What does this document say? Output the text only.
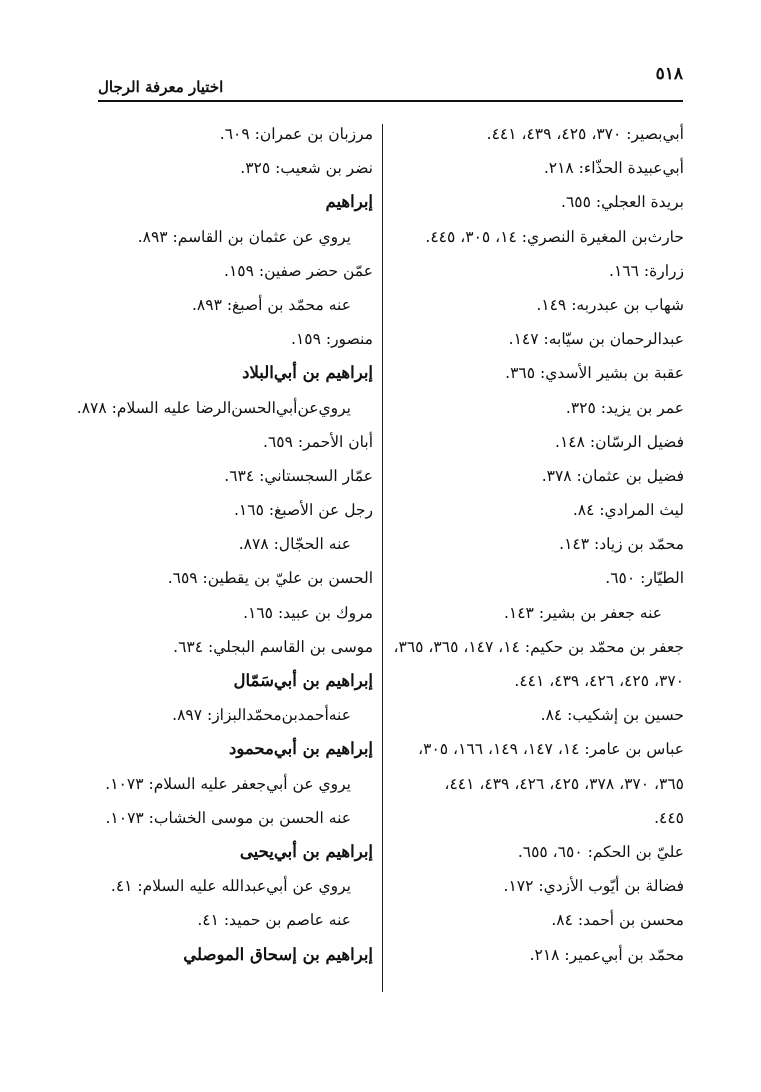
٥١٨
اختيار معرفة الرجال
أبي‌بصير: ٣٧٠، ٤٢٥، ٤٣٩، ٤٤١.
أبي‌عبيدة الحذّاء: ٢١٨.
بريدة العجلي: ٦٥٥.
حارث‌بن المغيرة النصري: ١٤، ٣٠٥، ٤٤٥.
زرارة: ١٦٦.
شهاب بن عبدربه: ١٤٩.
عبدالرحمان بن سيّابه: ١٤٧.
عقبة بن بشير الأسدي: ٣٦٥.
عمر بن يزيد: ٣٢٥.
فضيل الرسّان: ١٤٨.
فضيل بن عثمان: ٣٧٨.
ليث المرادي: ٨٤.
محمّد بن زياد: ١٤٣.
الطيّار: ٦٥٠.
عنه جعفر بن بشير: ١٤٣.
جعفر بن محمّد بن حكيم: ١٤، ١٤٧، ٣٦٥، ٣٦٥،
٣٧٠، ٤٢٥، ٤٢٦، ٤٣٩، ٤٤١.
حسين بن إشكيب: ٨٤.
عباس بن عامر: ١٤، ١٤٧، ١٤٩، ١٦٦، ٣٠٥،
٣٦٥، ٣٧٠، ٣٧٨، ٤٢٥، ٤٢٦، ٤٣٩، ٤٤١،
٤٤٥.
عليّ بن الحكم: ٦٥٠، ٦٥٥.
فضالة بن أيّوب الأزدي: ١٧٢.
محسن بن أحمد: ٨٤.
محمّد بن أبي‌عمير: ٢١٨.
مرزبان بن عمران: ٦٠٩.
نضر بن شعيب: ٣٢٥.
إبراهيم
يروي عن عثمان بن القاسم: ٨٩٣.
عمّن حضر صفين: ١٥٩.
عنه محمّد بن أصبغ: ٨٩٣.
منصور: ١٥٩.
إبراهيم بن أبي‌البلاد
يروي‌عن‌أبي‌الحسن‌الرضا عليه السلام: ٨٧٨.
أبان الأحمر: ٦٥٩.
عمّار السجستاني: ٦٣٤.
رجل عن الأصبغ: ١٦٥.
عنه الحجّال: ٨٧٨.
الحسن بن عليّ بن يقطين: ٦٥٩.
مروك بن عبيد: ١٦٥.
موسى بن القاسم البجلي: ٦٣٤.
إبراهيم بن أبي‌سَمّال
عنه‌أحمدبن‌محمّدالبزاز: ٨٩٧.
إبراهيم بن أبي‌محمود
يروي عن أبي‌جعفر عليه السلام: ١٠٧٣.
عنه الحسن بن موسى الخشاب: ١٠٧٣.
إبراهيم بن أبي‌يحيى
يروي عن أبي‌عبدالله عليه السلام: ٤١.
عنه عاصم بن حميد: ٤١.
إبراهيم بن إسحاق الموصلي
